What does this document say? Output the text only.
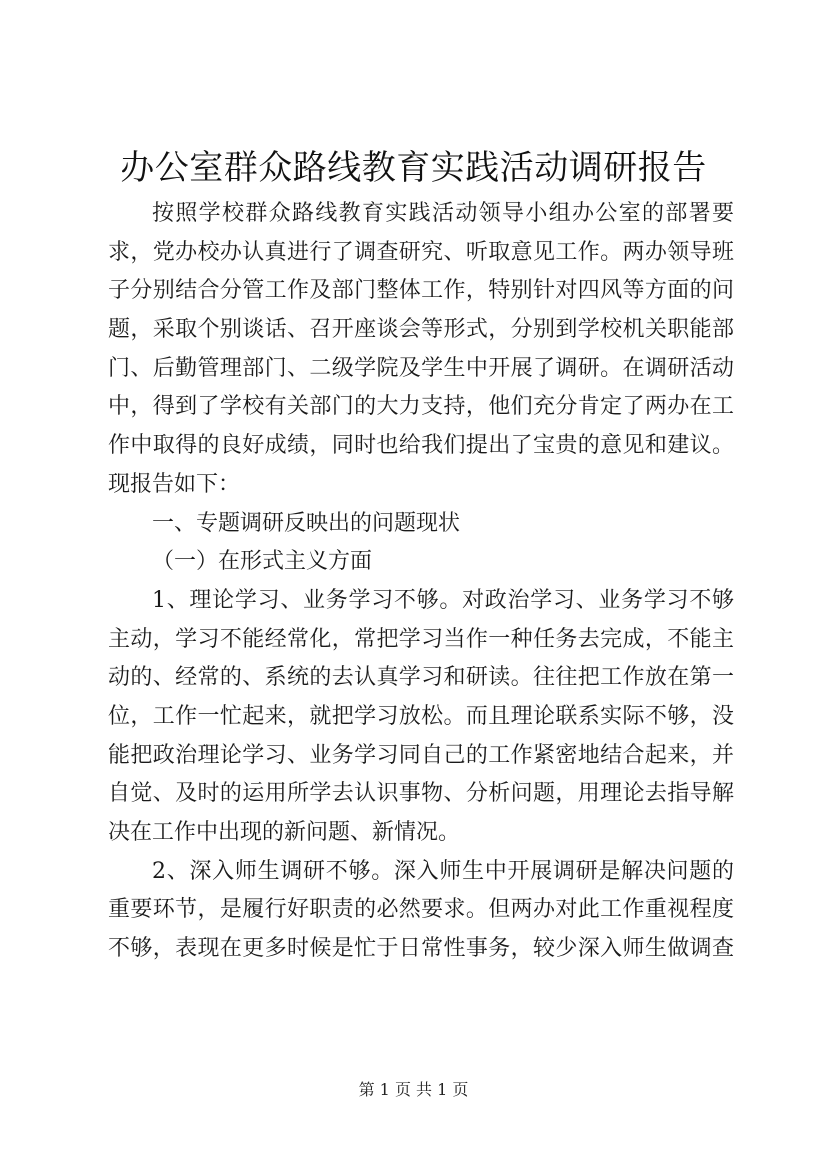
办公室群众路线教育实践活动调研报告
按照学校群众路线教育实践活动领导小组办公室的部署要
求，党办校办认真进行了调查研究、听取意见工作。两办领导班
子分别结合分管工作及部门整体工作，特别针对四风等方面的问
题，采取个别谈话、召开座谈会等形式，分别到学校机关职能部
门、后勤管理部门、二级学院及学生中开展了调研。在调研活动
中，得到了学校有关部门的大力支持，他们充分肯定了两办在工
作中取得的良好成绩，同时也给我们提出了宝贵的意见和建议。
现报告如下：
一、专题调研反映出的问题现状
（一）在形式主义方面
1、理论学习、业务学习不够。对政治学习、业务学习不够
主动，学习不能经常化，常把学习当作一种任务去完成，不能主
动的、经常的、系统的去认真学习和研读。往往把工作放在第一
位，工作一忙起来，就把学习放松。而且理论联系实际不够，没
能把政治理论学习、业务学习同自己的工作紧密地结合起来，并
自觉、及时的运用所学去认识事物、分析问题，用理论去指导解
决在工作中出现的新问题、新情况。
2、深入师生调研不够。深入师生中开展调研是解决问题的
重要环节，是履行好职责的必然要求。但两办对此工作重视程度
不够，表现在更多时候是忙于日常性事务，较少深入师生做调查
第 1 页 共 1 页
